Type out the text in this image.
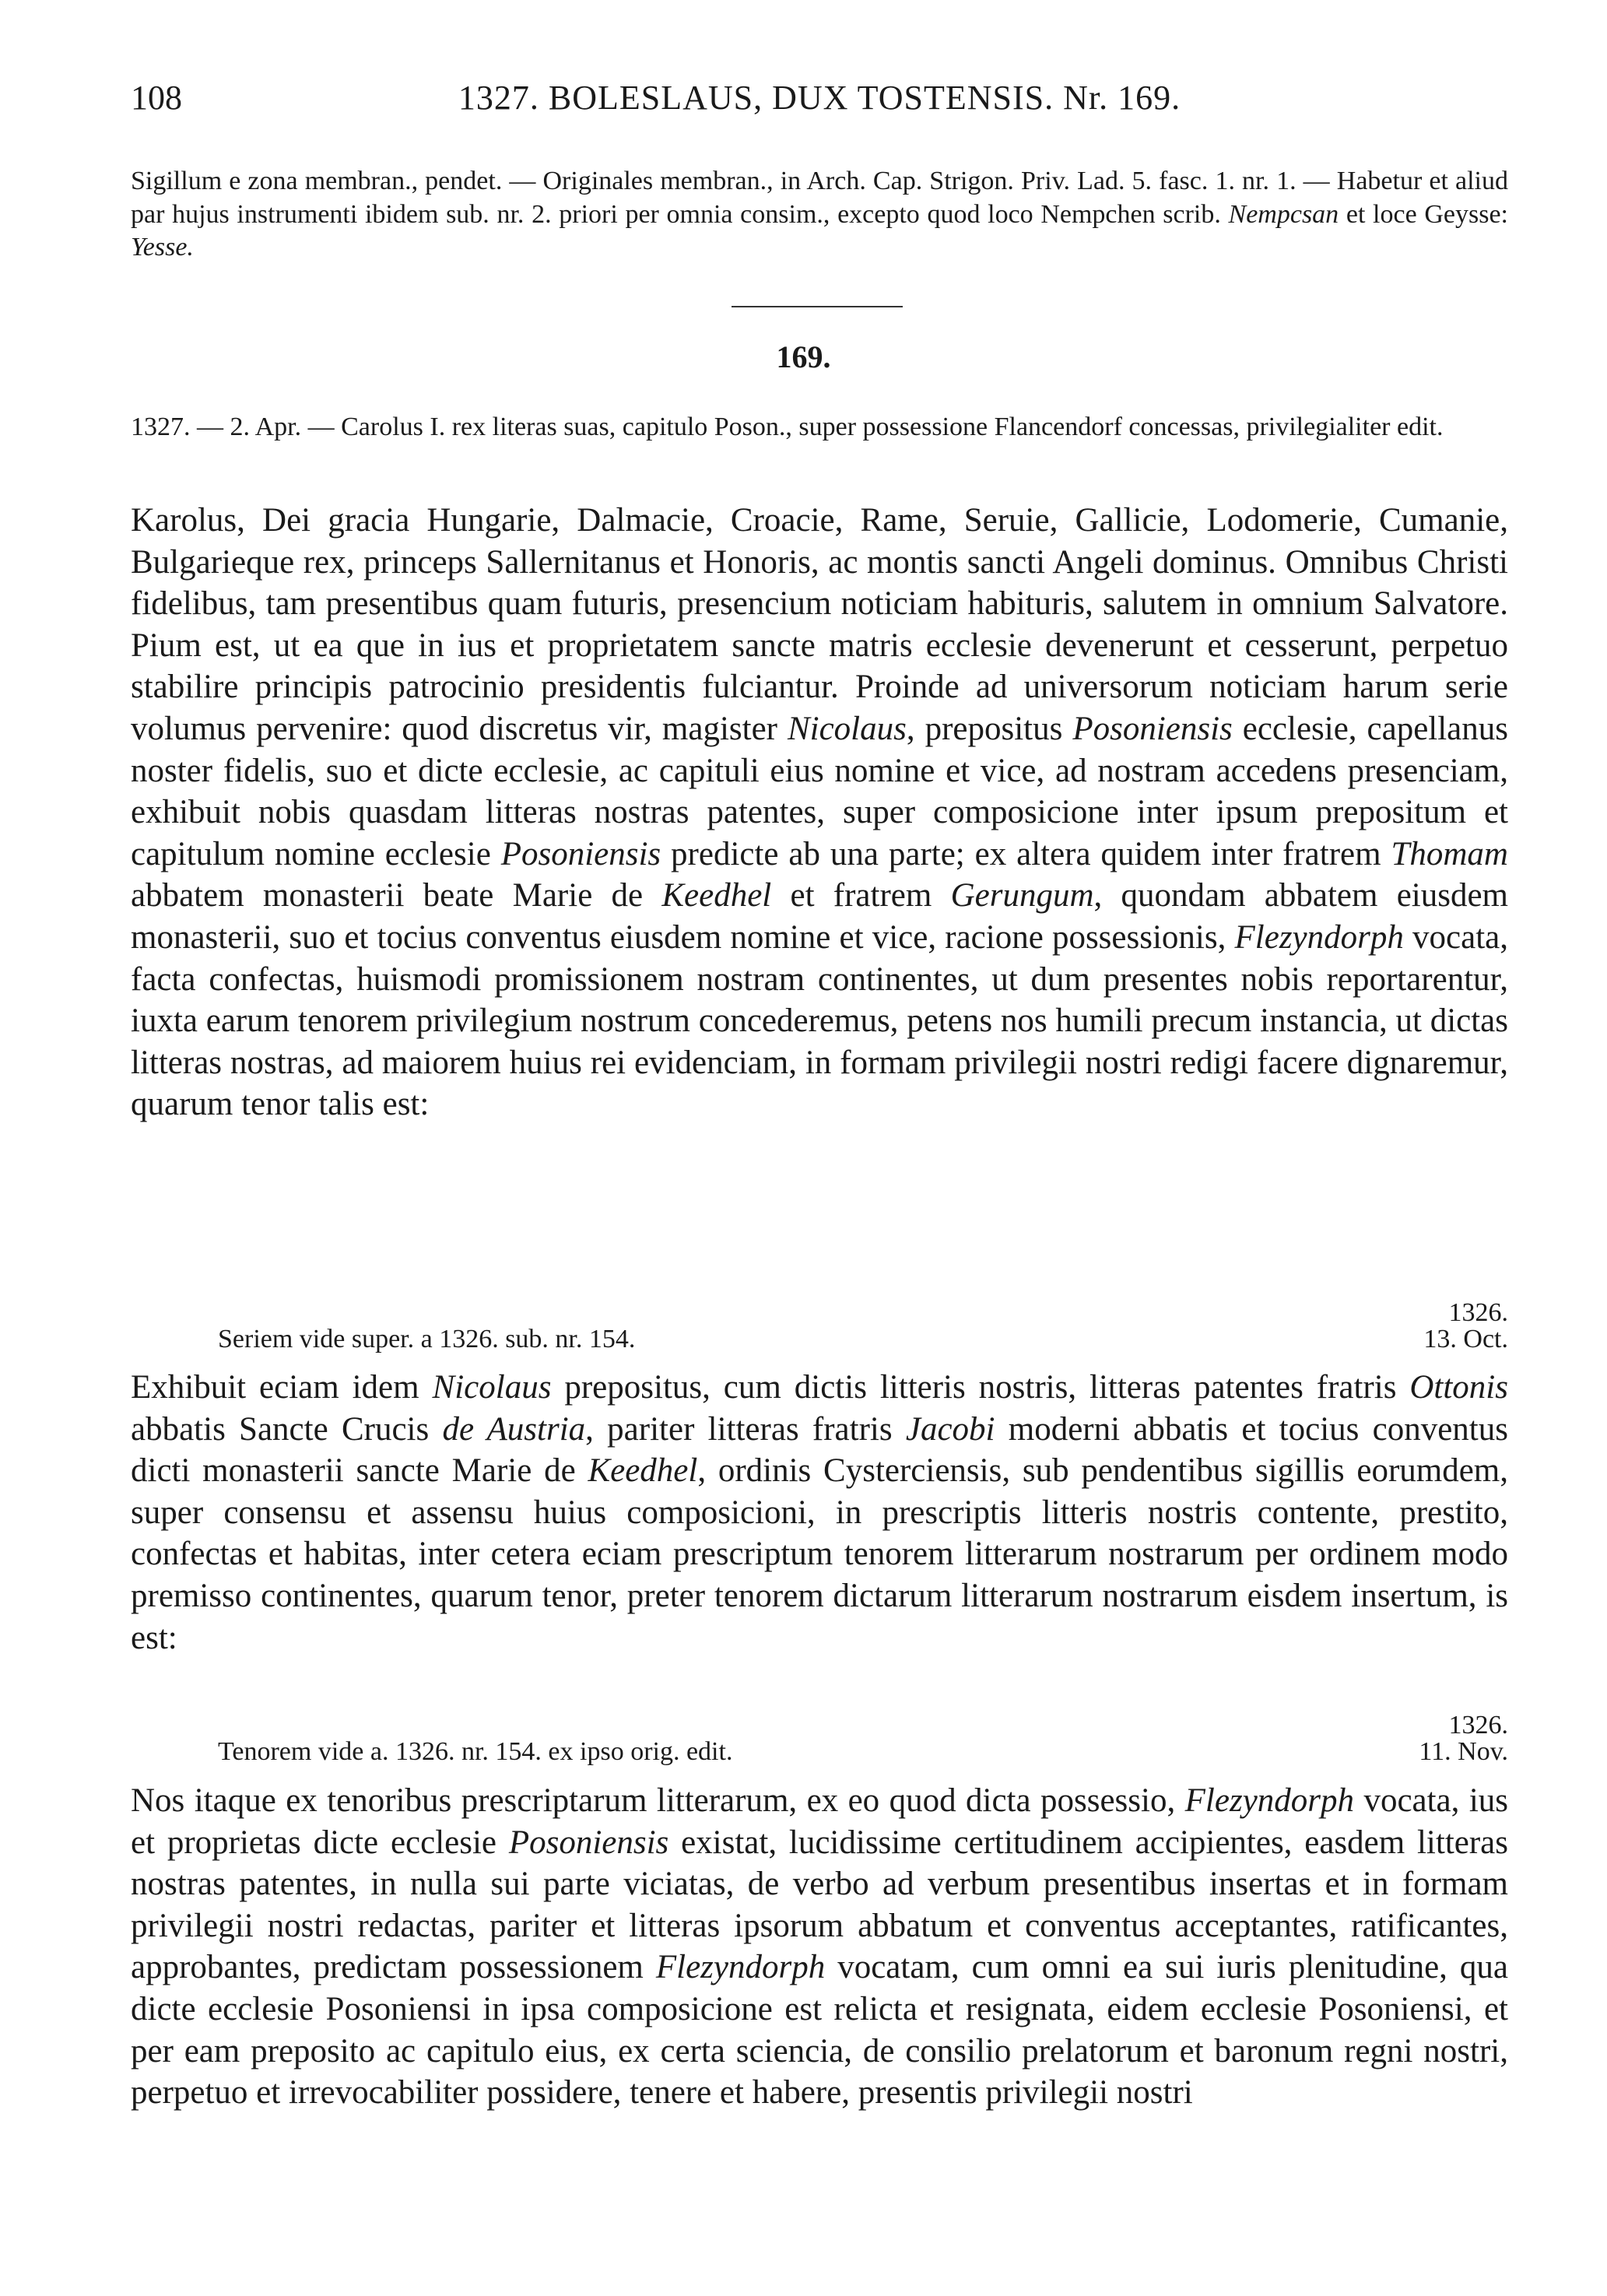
108	1327. BOLESLAUS, DUX TOSTENSIS. Nr. 169.

Sigillum e zona membran., pendet. — Originales membran., in Arch. Cap. Strigon. Priv. Lad. 5. fasc. 1. nr. 1. — Habetur et aliud par hujus instrumenti ibidem sub. nr. 2. priori per omnia consim., excepto quod loco Nempchen scrib. Nempcsan et loce Geysse: Yesse.

169.

1327. — 2. Apr. — Carolus I. rex literas suas, capitulo Poson., super possessione Flancendorf concessas, privilegialiter edit.

Karolus, Dei gracia Hungarie, Dalmacie, Croacie, Rame, Seruie, Gallicie, Lodomerie, Cumanie, Bulgarieque rex, princeps Sallernitanus et Honoris, ac montis sancti Angeli dominus. Omnibus Christi fidelibus, tam presentibus quam futuris, presencium noticiam habituris, salutem in omnium Salvatore. Pium est, ut ea que in ius et proprietatem sancte matris ecclesie devenerunt et cesserunt, perpetuo stabilire principis patrocinio presidentis fulciantur. Proinde ad universorum noticiam harum serie volumus pervenire: quod discretus vir, magister Nicolaus, prepositus Posoniensis ecclesie, capellanus noster fidelis, suo et dicte ecclesie, ac capituli eius nomine et vice, ad nostram accedens presenciam, exhibuit nobis quasdam litteras nostras patentes, super composicione inter ipsum prepositum et capitulum nomine ecclesie Posoniensis predicte ab una parte; ex altera quidem inter fratrem Thomam abbatem monasterii beate Marie de Keedhel et fratrem Gerungum, quondam abbatem eiusdem monasterii, suo et tocius conventus eiusdem nomine et vice, racione possessionis, Flezyndorph vocata, facta confectas, huismodi promissionem nostram continentes, ut dum presentes nobis reportarentur, iuxta earum tenorem privilegium nostrum concederemus, petens nos humili precum instancia, ut dictas litteras nostras, ad maiorem huius rei evidenciam, in formam privilegii nostri redigi facere dignaremur, quarum tenor talis est:

Seriem vide super. a 1326. sub. nr. 154.
1326.
13. Oct.

Exhibuit eciam idem Nicolaus prepositus, cum dictis litteris nostris, litteras patentes fratris Ottonis abbatis Sancte Crucis de Austria, pariter litteras fratris Jacobi moderni abbatis et tocius conventus dicti monasterii sancte Marie de Keedhel, ordinis Cysterciensis, sub pendentibus sigillis eorumdem, super consensu et assensu huius composicioni, in prescriptis litteris nostris contente, prestito, confectas et habitas, inter cetera eciam prescriptum tenorem litterarum nostrarum per ordinem modo premisso continentes, quarum tenor, preter tenorem dictarum litterarum nostrarum eisdem insertum, is est:

Tenorem vide a. 1326. nr. 154. ex ipso orig. edit.
1326.
11. Nov.

Nos itaque ex tenoribus prescriptarum litterarum, ex eo quod dicta possessio, Flezyndorph vocata, ius et proprietas dicte ecclesie Posoniensis existat, lucidissime certitudinem accipientes, easdem litteras nostras patentes, in nulla sui parte viciatas, de verbo ad verbum presentibus insertas et in formam privilegii nostri redactas, pariter et litteras ipsorum abbatum et conventus acceptantes, ratificantes, approbantes, predictam possessionem Flezyndorph vocatam, cum omni ea sui iuris plenitudine, qua dicte ecclesie Posoniensi in ipsa composicione est relicta et resignata, eidem ecclesie Posoniensi, et per eam preposito ac capitulo eius, ex certa sciencia, de consilio prelatorum et baronum regni nostri, perpetuo et irrevocabiliter possidere, tenere et habere, presentis privilegii nostri
